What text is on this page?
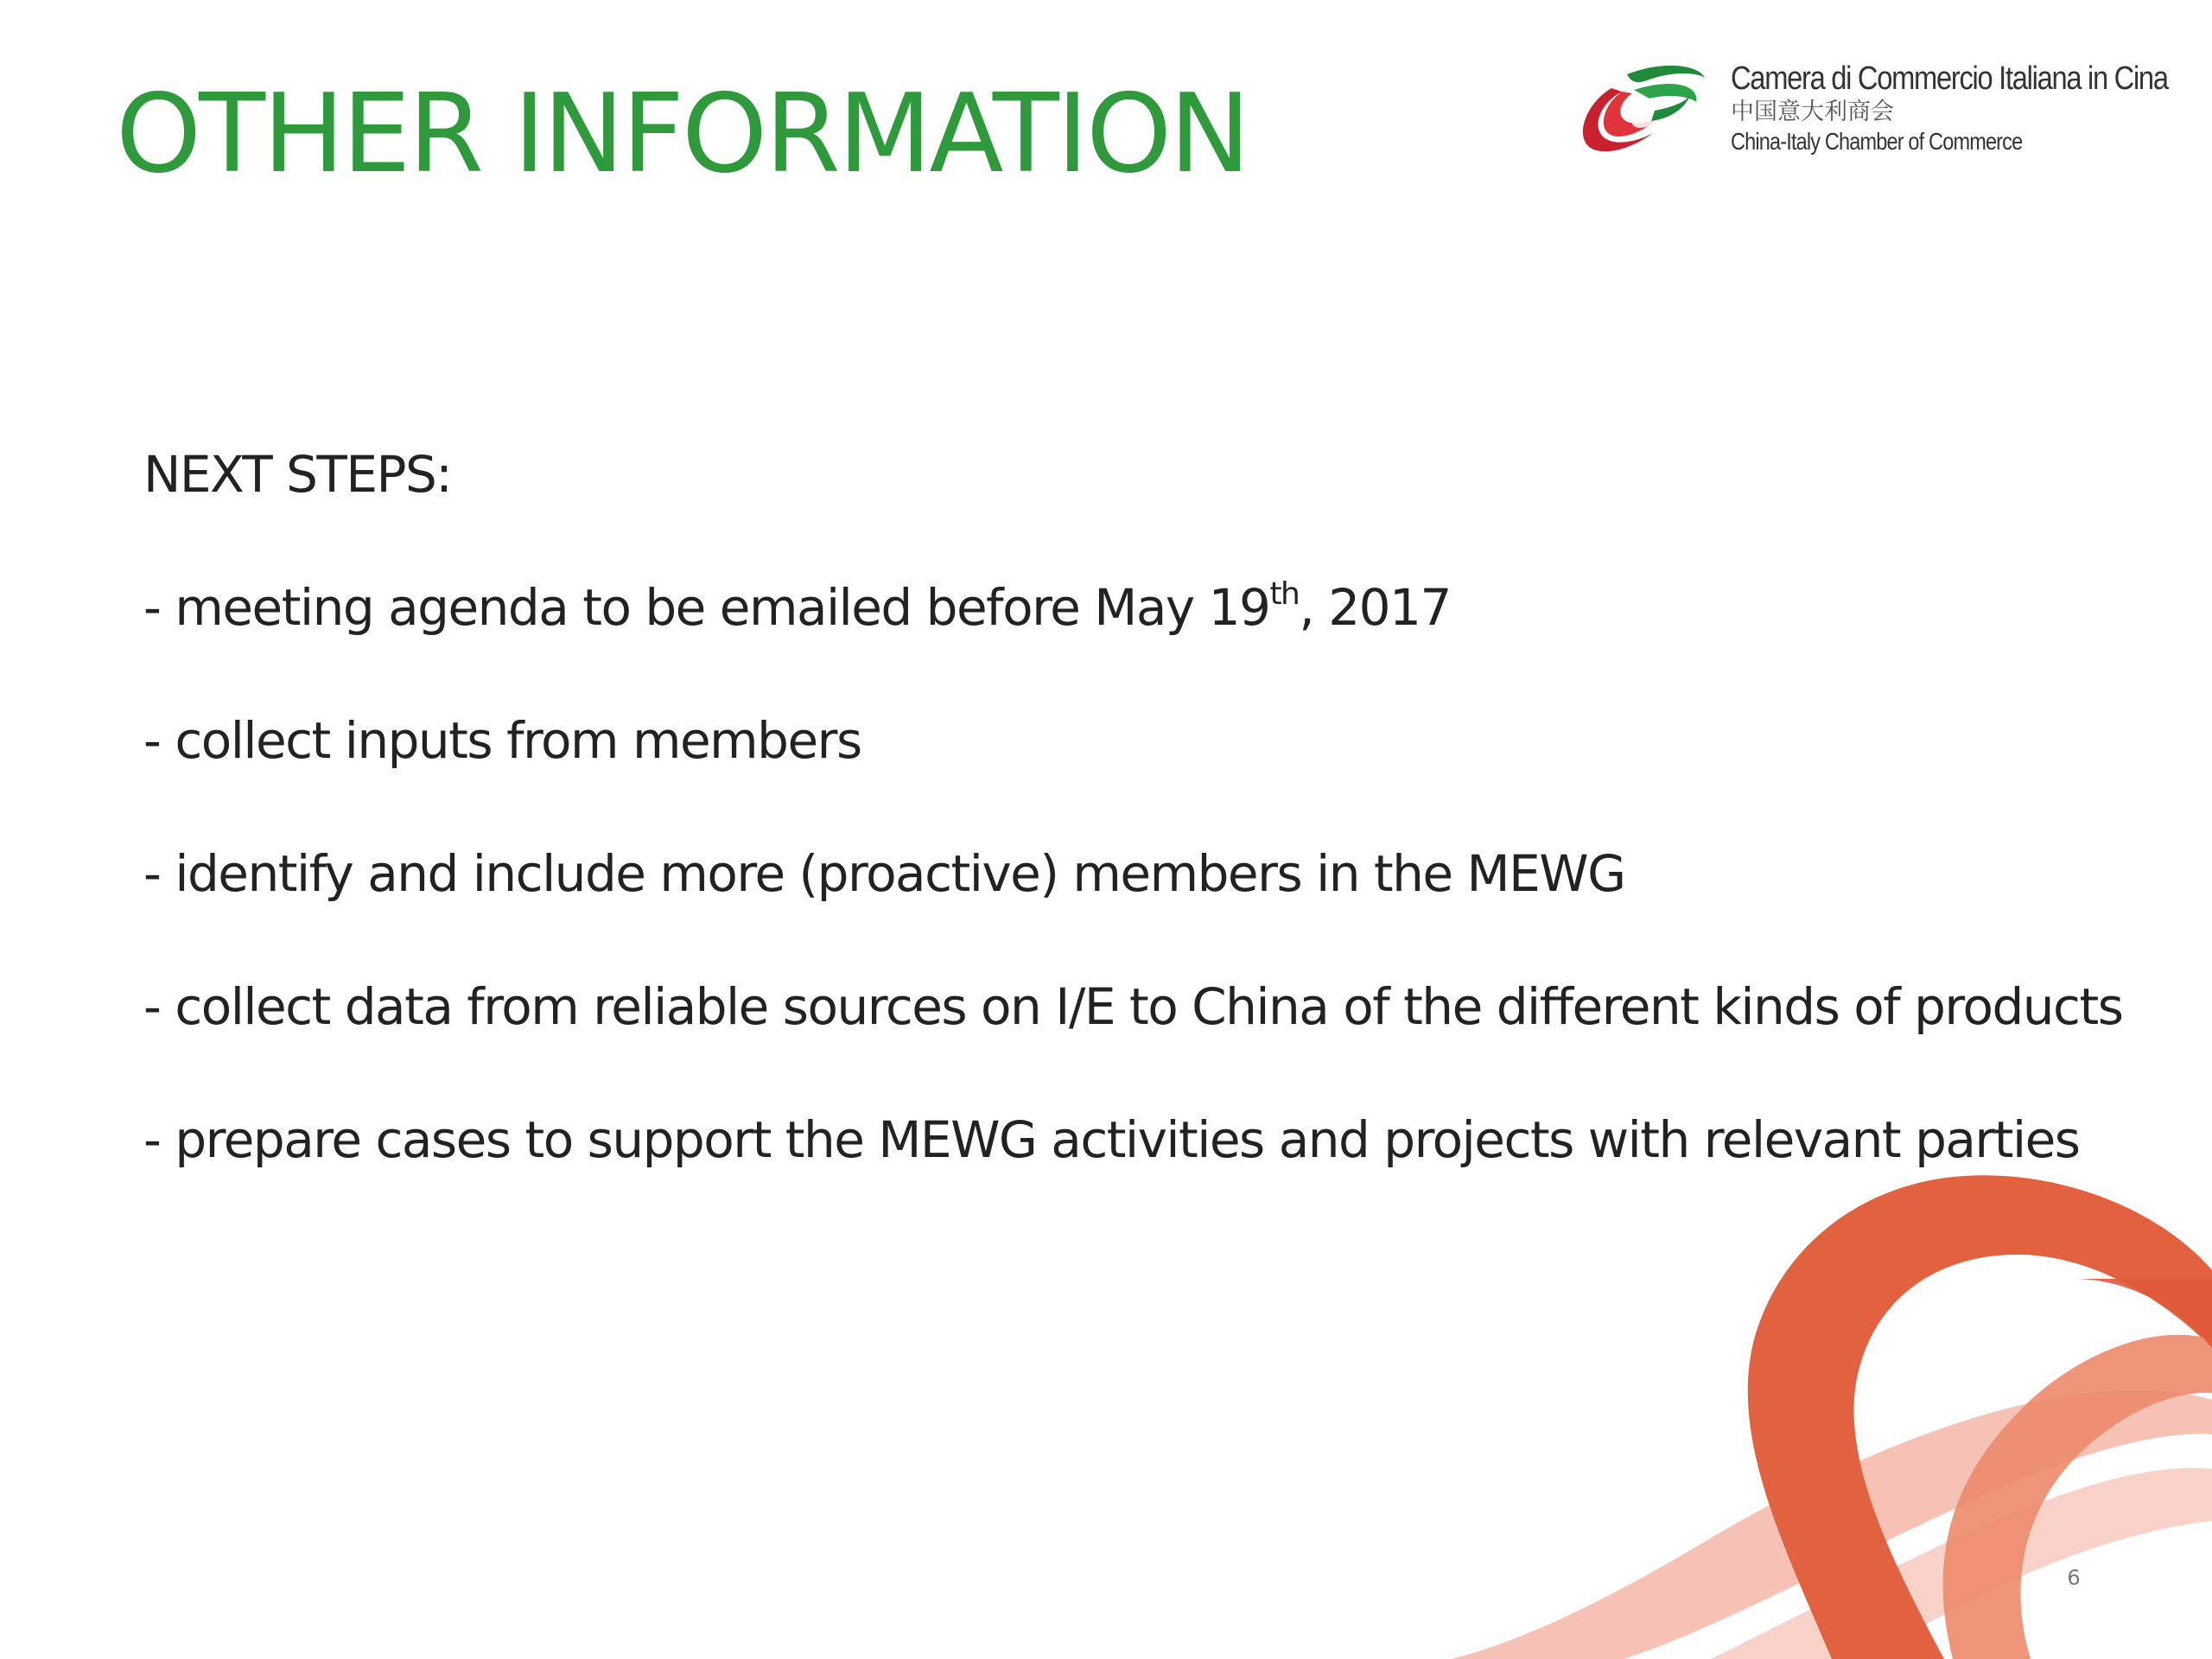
OTHER INFORMATION	Camera di Commercio Italiana in Cina
中国意大利商会
China-Italy Chamber of Commerce
NEXT STEPS:
- meeting agenda to be emailed before May 19th, 2017
- collect inputs from members
- identify and include more (proactive) members in the MEWG
- collect data from reliable sources on I/E to China of the different kinds of products
- prepare cases to support the MEWG activities and projects with relevant parties
6
